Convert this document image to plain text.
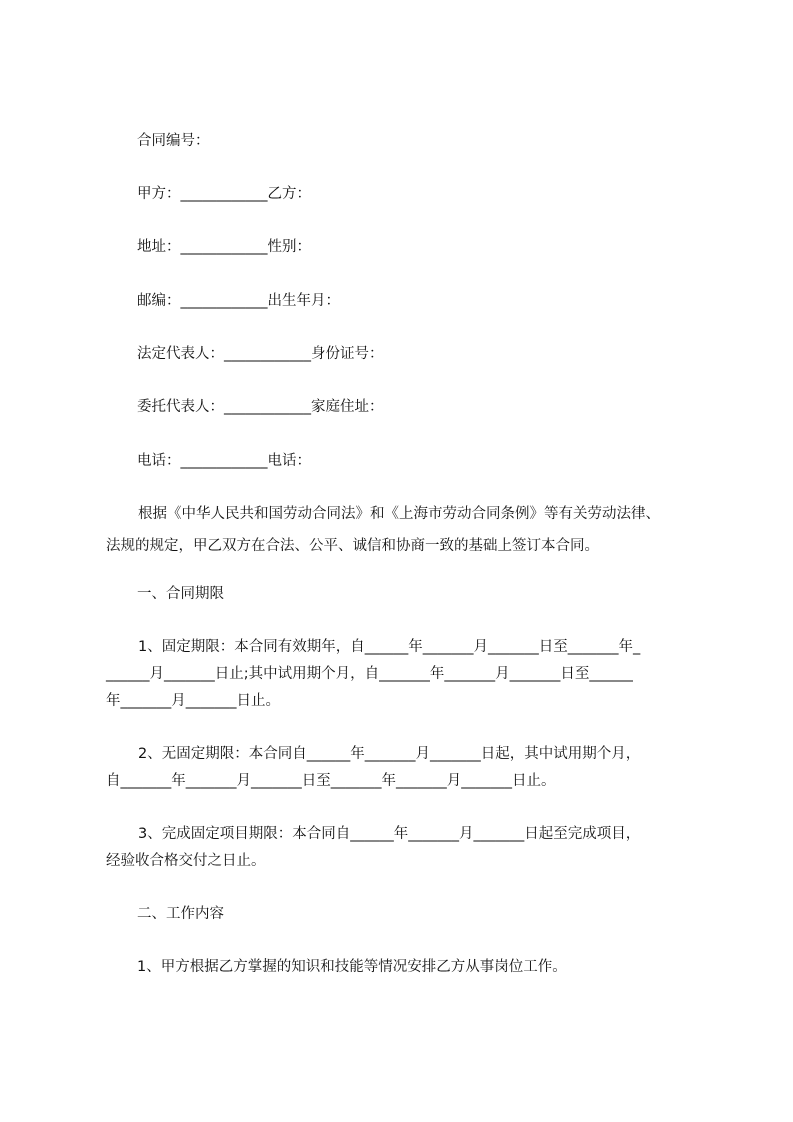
合同编号：
甲方：____________乙方：
地址：____________性别：
邮编：____________出生年月：
法定代表人：____________身份证号：
委托代表人：____________家庭住址：
电话：____________电话：
根据《中华人民共和国劳动合同法》和《上海市劳动合同条例》等有关劳动法律、
法规的规定，甲乙双方在合法、公平、诚信和协商一致的基础上签订本合同。
一、合同期限
1、固定期限：本合同有效期年，自______年_______月_______日至_______年_
______月_______日止;其中试用期个月，自_______年_______月_______日至______
年_______月_______日止。
2、无固定期限：本合同自______年_______月_______日起，其中试用期个月，
自_______年_______月_______日至_______年_______月_______日止。
3、完成固定项目期限：本合同自______年_______月_______日起至完成项目，
经验收合格交付之日止。
二、工作内容
1、甲方根据乙方掌握的知识和技能等情况安排乙方从事岗位工作。
